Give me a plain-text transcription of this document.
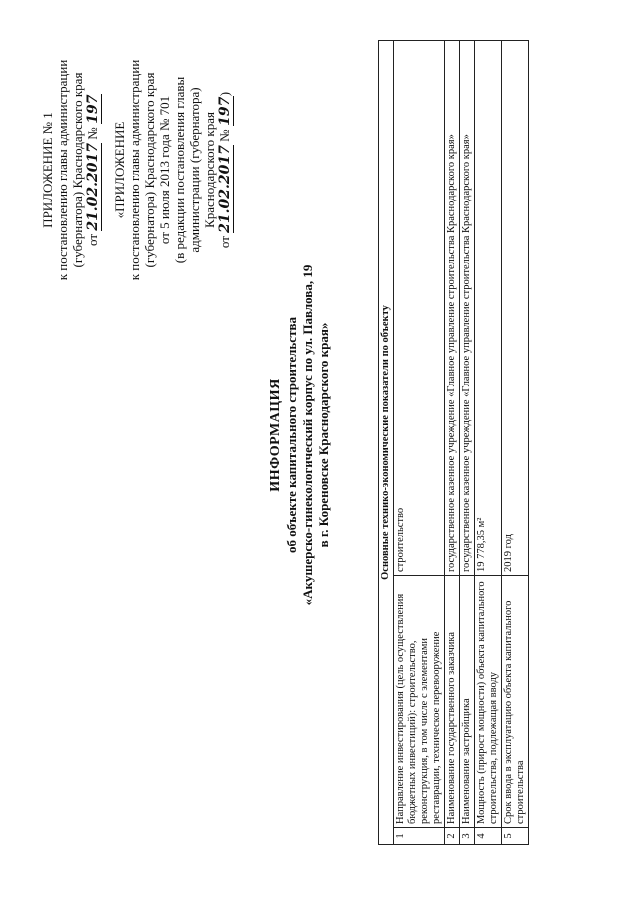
ПРИЛОЖЕНИЕ № 1 к постановлению главы администрации (губернатора) Краснодарского края от 21.02.2017 № 197
«ПРИЛОЖЕНИЕ к постановлению главы администрации (губернатора) Краснодарского края от 5 июля 2013 года № 701 (в редакции постановления главы администрации (губернатора) Краснодарского края
от 21.02.2017 № 197)
ИНФОРМАЦИЯ об объекте капитального строительства «Акушерско-гинекологический корпус по ул. Павлова, 19 в г. Кореновске Краснодарского края»	Основные технико-экономические показатели по объекту		
1	Направление инвестирования (цель осуществления бюджетных инвестиций): строительство, реконструкция, в том числе с элементами реставрации, техническое перевооружение	строительство
2	Наименование государственного заказчика	государственное казенное учреждение «Главное управление строительства Краснодарского края»
3	Наименование застройщика	государственное казенное учреждение «Главное управление строительства Краснодарского края»
4	Мощность (прирост мощности) объекта капитального строительства, подлежащая вводу	19 778,35 м²
5	Срок ввода в эксплуатацию объекта капитального строительства	2019 год
